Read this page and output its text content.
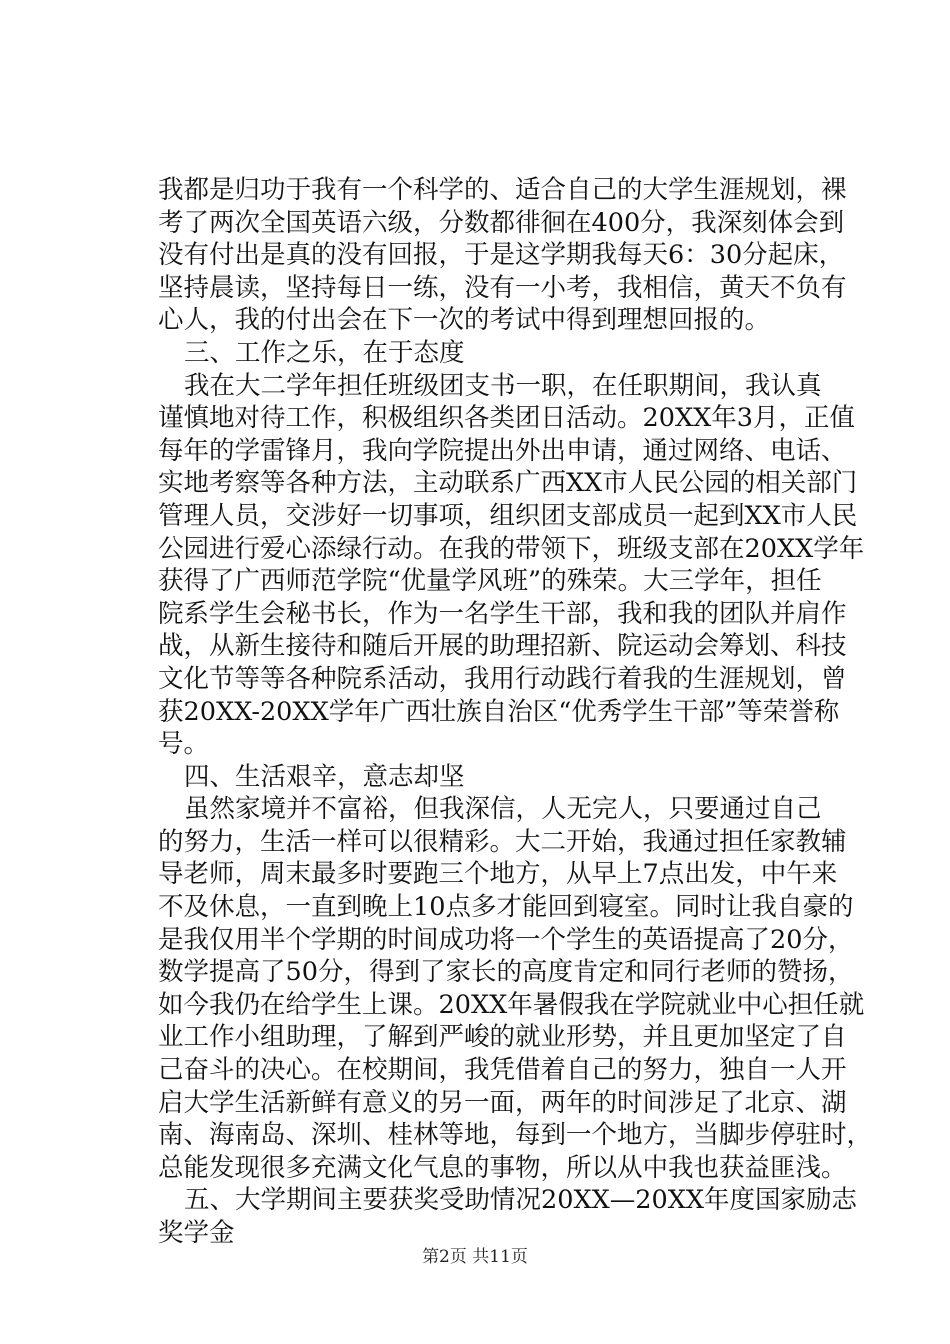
我都是归功于我有一个科学的、适合自己的大学生涯规划，裸
考了两次全国英语六级，分数都徘徊在400分，我深刻体会到
没有付出是真的没有回报，于是这学期我每天6：30分起床，
坚持晨读，坚持每日一练，没有一小考，我相信，黄天不负有
心人，我的付出会在下一次的考试中得到理想回报的。
三、工作之乐，在于态度
我在大二学年担任班级团支书一职，在任职期间，我认真
谨慎地对待工作，积极组织各类团日活动。20XX年3月，正值
每年的学雷锋月，我向学院提出外出申请，通过网络、电话、
实地考察等各种方法，主动联系广西XX市人民公园的相关部门
管理人员，交涉好一切事项，组织团支部成员一起到XX市人民
公园进行爱心添绿行动。在我的带领下，班级支部在20XX学年
获得了广西师范学院“优量学风班”的殊荣。大三学年，担任
院系学生会秘书长，作为一名学生干部，我和我的团队并肩作
战，从新生接待和随后开展的助理招新、院运动会筹划、科技
文化节等等各种院系活动，我用行动践行着我的生涯规划，曾
获20XX-20XX学年广西壮族自治区“优秀学生干部”等荣誉称
号。
四、生活艰辛，意志却坚
虽然家境并不富裕，但我深信，人无完人，只要通过自己
的努力，生活一样可以很精彩。大二开始，我通过担任家教辅
导老师，周末最多时要跑三个地方，从早上7点出发，中午来
不及休息，一直到晚上10点多才能回到寝室。同时让我自豪的
是我仅用半个学期的时间成功将一个学生的英语提高了20分，
数学提高了50分，得到了家长的高度肯定和同行老师的赞扬，
如今我仍在给学生上课。20XX年暑假我在学院就业中心担任就
业工作小组助理，了解到严峻的就业形势，并且更加坚定了自
己奋斗的决心。在校期间，我凭借着自己的努力，独自一人开
启大学生活新鲜有意义的另一面，两年的时间涉足了北京、湖
南、海南岛、深圳、桂林等地，每到一个地方，当脚步停驻时，
总能发现很多充满文化气息的事物，所以从中我也获益匪浅。
五、大学期间主要获奖受助情况20XX—20XX年度国家励志
奖学金
第2页 共11页
